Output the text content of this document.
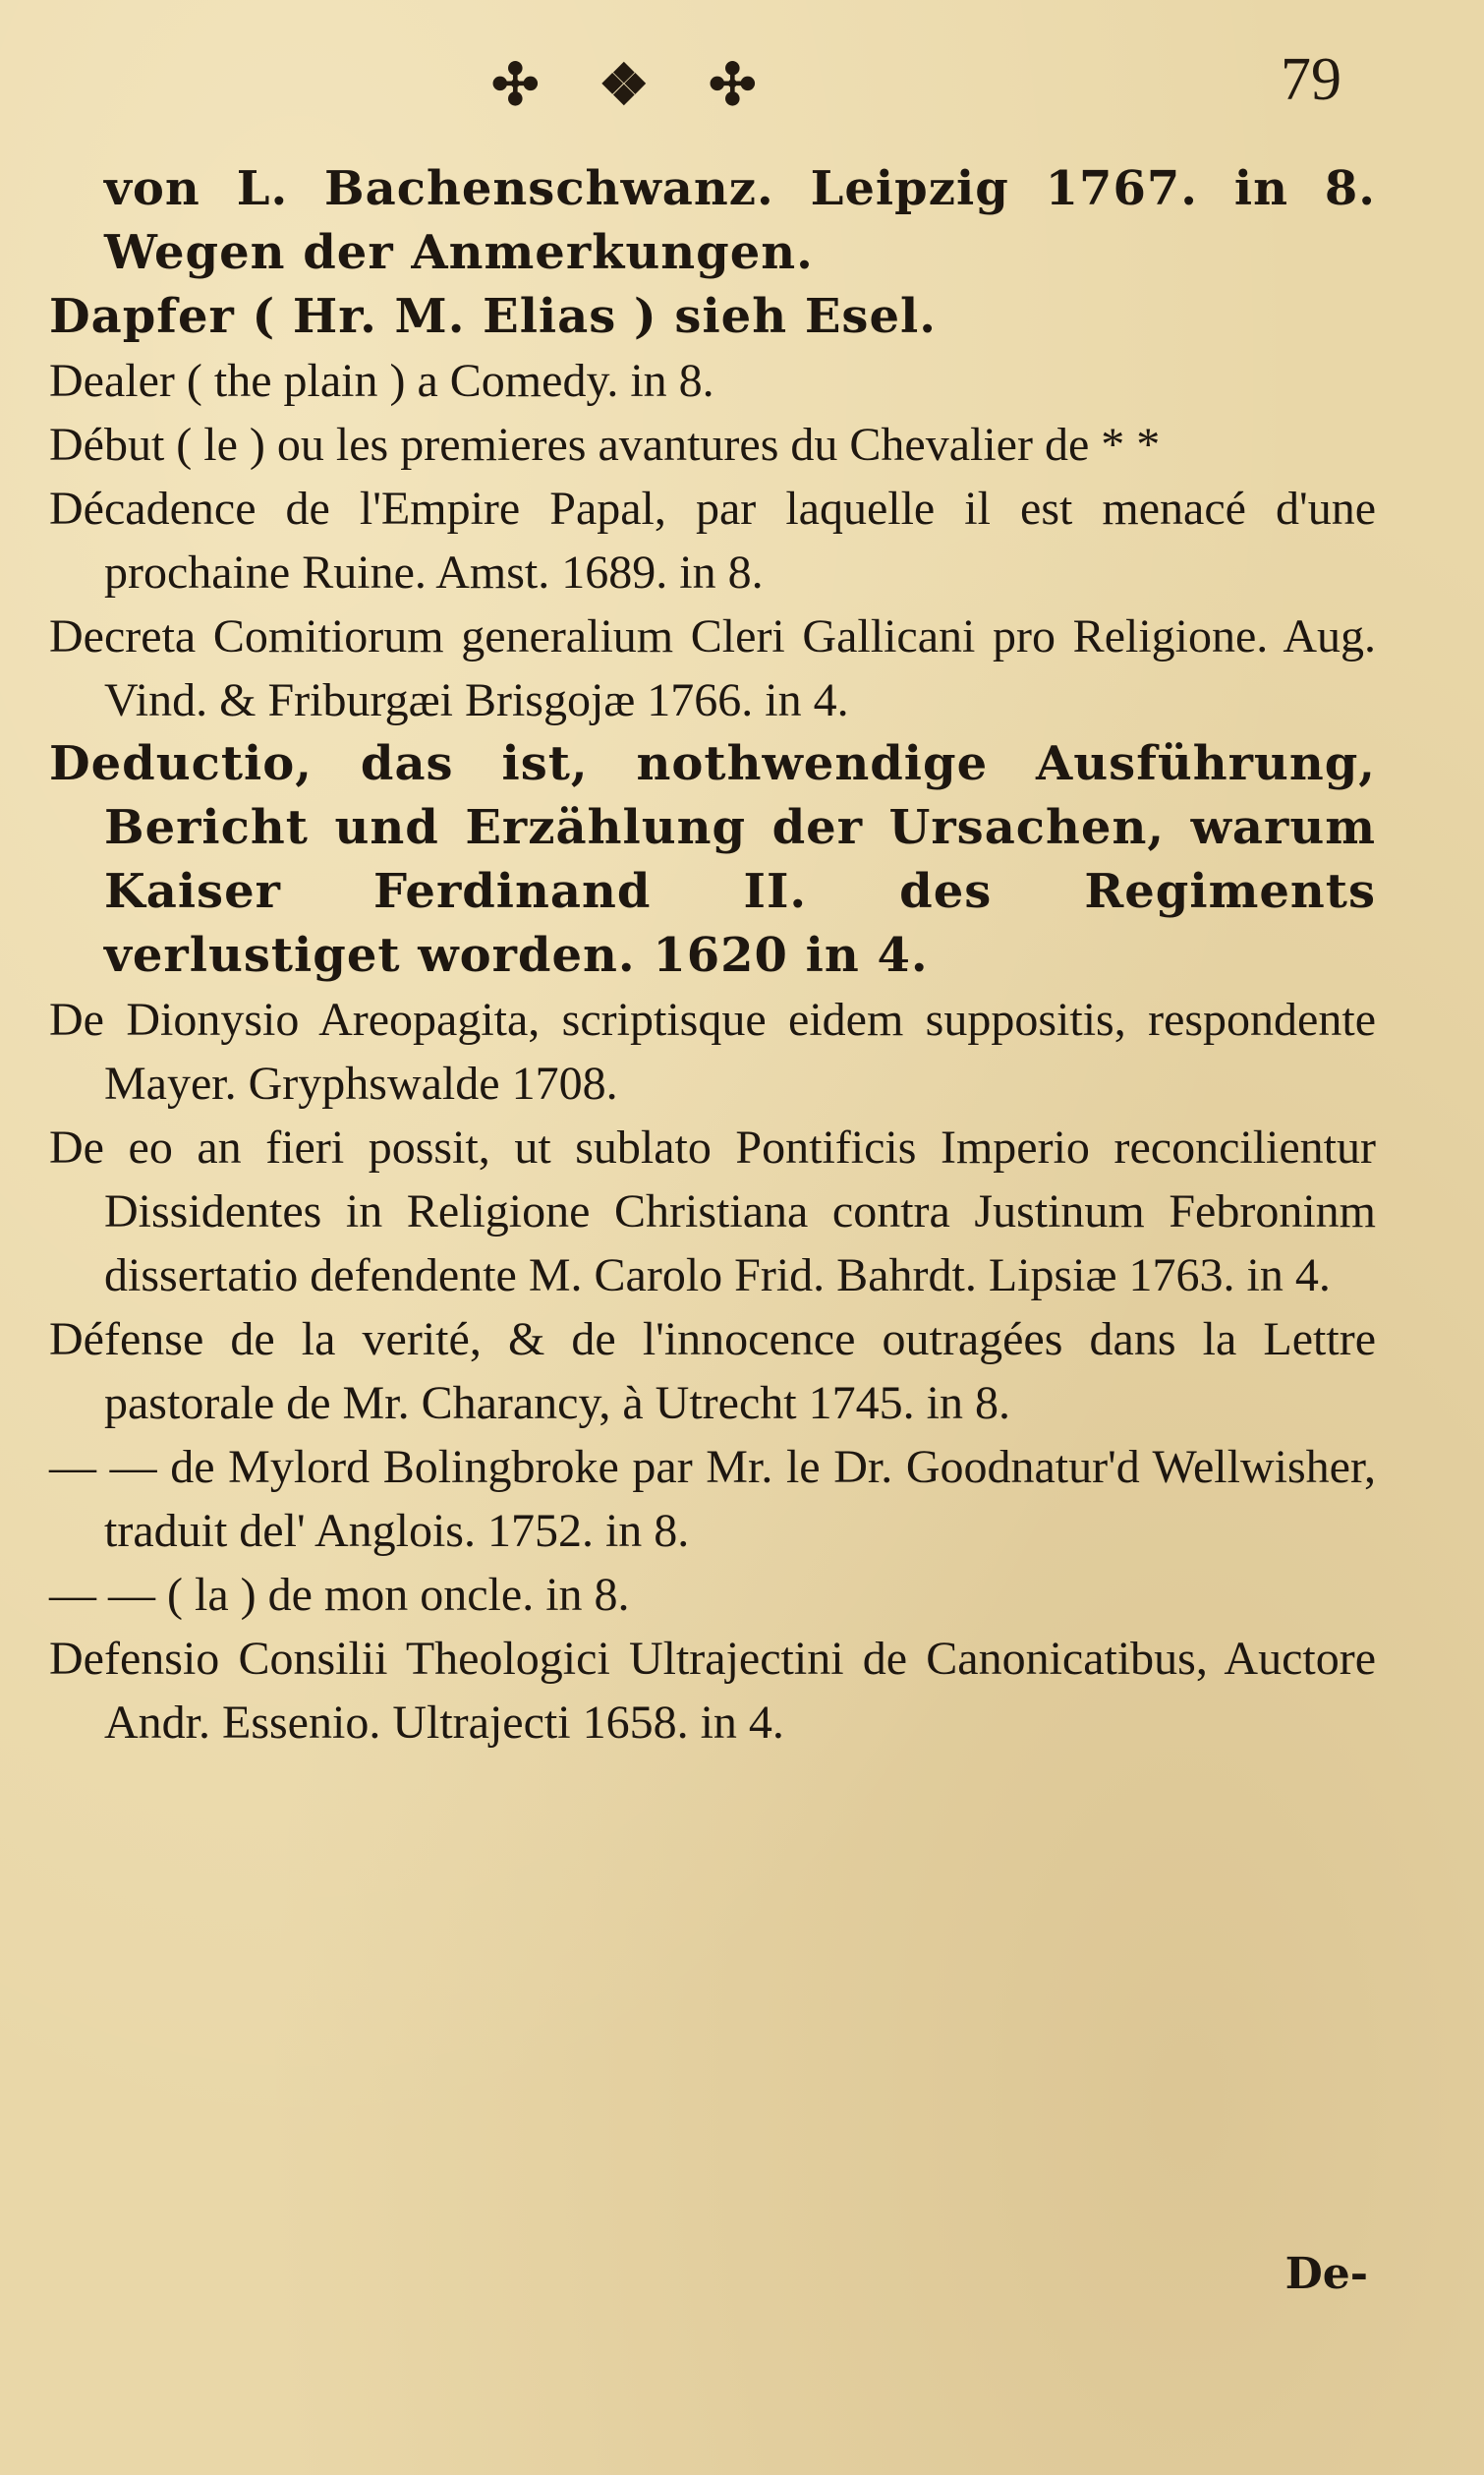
✣ ❖ ✣	79
von L. Bachenschwanz. Leipzig 1767. in 8. Wegen der Anmerkungen.
Dapfer ( Hr. M. Elias ) sieh Esel.
Dealer ( the plain ) a Comedy. in 8.
Début ( le ) ou les premieres avantures du Chevalier de * *
Décadence de l'Empire Papal, par laquelle il est menacé d'une prochaine Ruine. Amst. 1689. in 8.
Decreta Comitiorum generalium Cleri Gallicani pro Religione. Aug. Vind. & Friburgæi Brisgojæ 1766. in 4.
Deductio, das ist, nothwendige Ausführung, Bericht und Erzählung der Ursachen, warum Kaiser Ferdinand II. des Regiments verlustiget worden. 1620 in 4.
De Dionysio Areopagita, scriptisque eidem suppositis, respondente Mayer. Gryphswalde 1708.
De eo an fieri possit, ut sublato Pontificis Imperio reconcilientur Dissidentes in Religione Christiana contra Justinum Febroninm dissertatio defendente M. Carolo Frid. Bahrdt. Lipsiæ 1763. in 4.
Défense de la verité, & de l'innocence outragées dans la Lettre pastorale de Mr. Charancy, à Utrecht 1745. in 8.
— — de Mylord Bolingbroke par Mr. le Dr. Goodnatur'd Wellwisher, traduit del' Anglois. 1752. in 8.
— — ( la ) de mon oncle. in 8.
Defensio Consilii Theologici Ultrajectini de Canonicatibus, Auctore Andr. Essenio. Ultrajecti 1658. in 4.
De-
